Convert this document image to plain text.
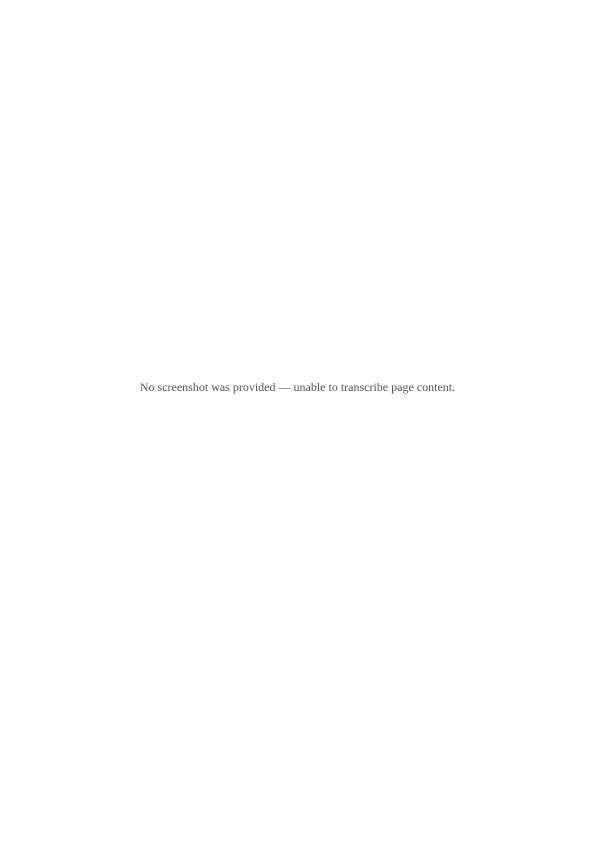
No screenshot was provided — unable to transcribe page content.
